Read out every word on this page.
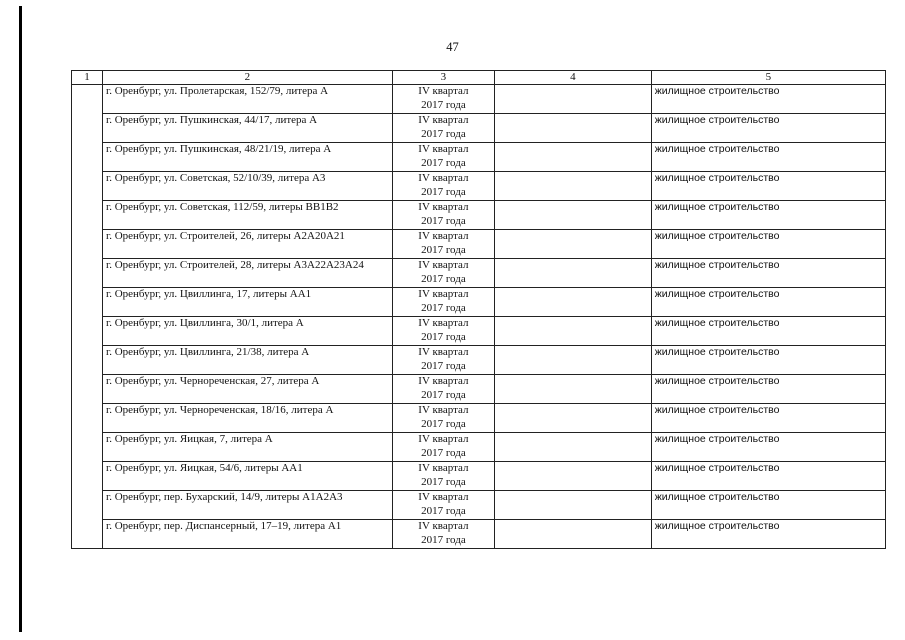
47
1	2	3	4	5
	г. Оренбург, ул. Пролетарская, 152/79, литера А	IV квартал
2017 года		жилищное строительство
	г. Оренбург, ул. Пушкинская, 44/17, литера А	IV квартал
2017 года		жилищное строительство
	г. Оренбург, ул. Пушкинская, 48/21/19, литера А	IV квартал
2017 года		жилищное строительство
	г. Оренбург, ул. Советская, 52/10/39, литера А3	IV квартал
2017 года		жилищное строительство
	г. Оренбург, ул. Советская, 112/59, литеры ВВ1В2	IV квартал
2017 года		жилищное строительство
	г. Оренбург, ул. Строителей, 26, литеры А2А20А21	IV квартал
2017 года		жилищное строительство
	г. Оренбург, ул. Строителей, 28, литеры А3А22А23А24	IV квартал
2017 года		жилищное строительство
	г. Оренбург, ул. Цвиллинга, 17, литеры АА1	IV квартал
2017 года		жилищное строительство
	г. Оренбург, ул. Цвиллинга, 30/1, литера А	IV квартал
2017 года		жилищное строительство
	г. Оренбург, ул. Цвиллинга, 21/38, литера А	IV квартал
2017 года		жилищное строительство
	г. Оренбург, ул. Чернореченская, 27, литера А	IV квартал
2017 года		жилищное строительство
	г. Оренбург, ул. Чернореченская, 18/16, литера А	IV квартал
2017 года		жилищное строительство
	г. Оренбург, ул. Яицкая, 7, литера А	IV квартал
2017 года		жилищное строительство
	г. Оренбург, ул. Яицкая, 54/6, литеры АА1	IV квартал
2017 года		жилищное строительство
	г. Оренбург, пер. Бухарский, 14/9, литеры А1А2А3	IV квартал
2017 года		жилищное строительство
	г. Оренбург, пер. Диспансерный, 17–19, литера А1	IV квартал
2017 года		жилищное строительство
